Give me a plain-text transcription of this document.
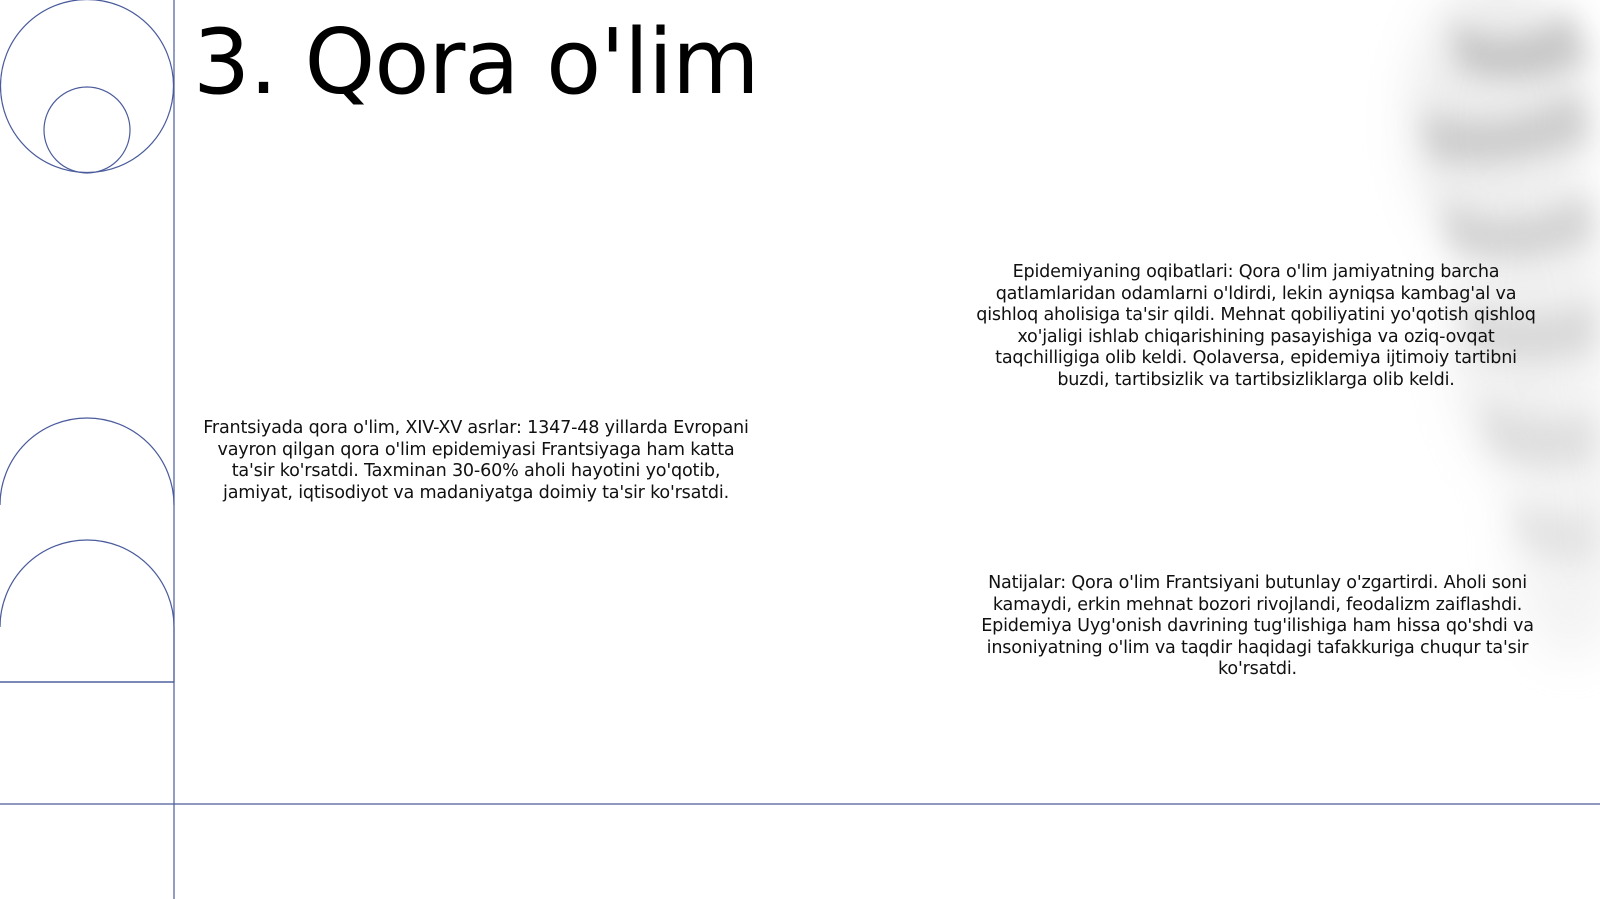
3. Qora o'lim

Frantsiyada qora o'lim, XIV-XV asrlar: 1347-48 yillarda Evropani vayron qilgan qora o'lim epidemiyasi Frantsiyaga ham katta ta'sir ko'rsatdi. Taxminan 30-60% aholi hayotini yo'qotib, jamiyat, iqtisodiyot va madaniyatga doimiy ta'sir ko'rsatdi.

Epidemiyaning oqibatlari: Qora o'lim jamiyatning barcha qatlamlaridan odamlarni o'ldirdi, lekin ayniqsa kambag'al va qishloq aholisiga ta'sir qildi. Mehnat qobiliyatini yo'qotish qishloq xo'jaligi ishlab chiqarishining pasayishiga va oziq-ovqat taqchilligiga olib keldi. Qolaversa, epidemiya ijtimoiy tartibni buzdi, tartibsizlik va tartibsizliklarga olib keldi.

Natijalar: Qora o'lim Frantsiyani butunlay o'zgartirdi. Aholi soni kamaydi, erkin mehnat bozori rivojlandi, feodalizm zaiflashdi. Epidemiya Uyg'onish davrining tug'ilishiga ham hissa qo'shdi va insoniyatning o'lim va taqdir haqidagi tafakkuriga chuqur ta'sir ko'rsatdi.
